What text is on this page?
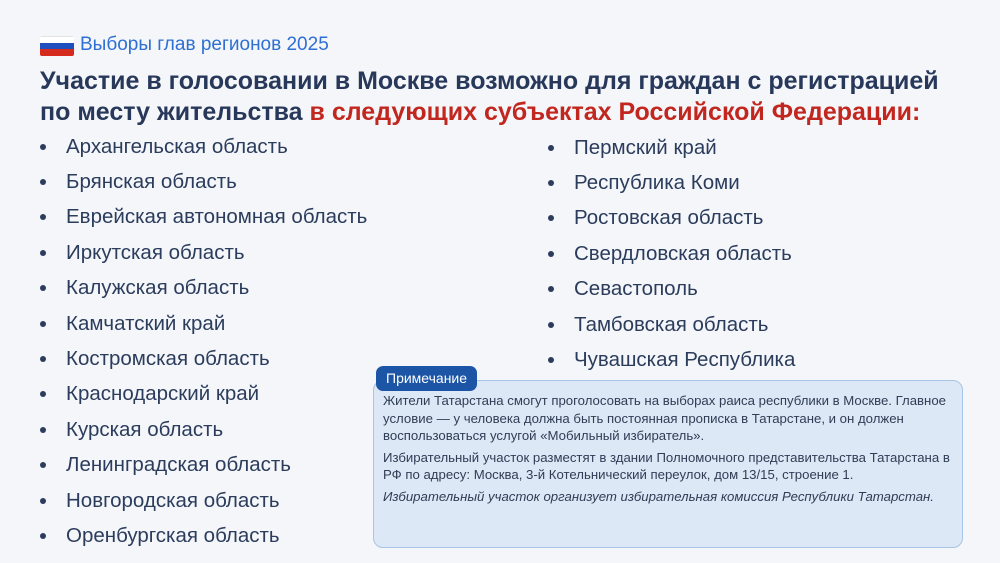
Выборы глав регионов 2025
Участие в голосовании в Москве возможно для граждан с регистрацией по месту жительства в следующих субъектах Российской Федерации:
Архангельская область
Брянская область
Еврейская автономная область
Иркутская область
Калужская область
Камчатский край
Костромская область
Краснодарский край
Курская область
Ленинградская область
Новгородская область
Оренбургская область
Пермский край
Республика Коми
Ростовская область
Свердловская область
Севастополь
Тамбовская область
Чувашская Республика
Примечание

Жители Татарстана смогут проголосовать на выборах раиса республики в Москве. Главное условие — у человека должна быть постоянная прописка в Татарстане, и он должен воспользоваться услугой «Мобильный избиратель».

Избирательный участок разместят в здании Полномочного представительства Татарстана в РФ по адресу: Москва, 3-й Котельнический переулок, дом 13/15, строение 1.

Избирательный участок организует избирательная комиссия Республики Татарстан.
